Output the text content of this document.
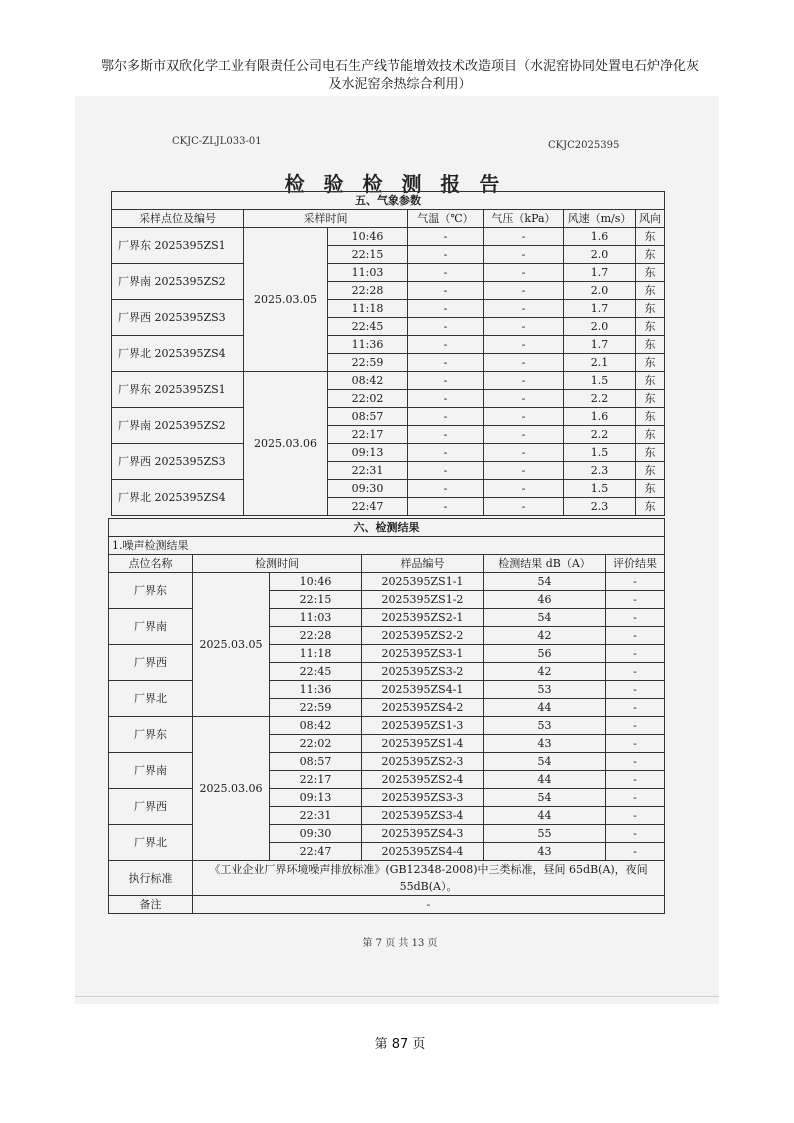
鄂尔多斯市双欣化学工业有限责任公司电石生产线节能增效技术改造项目（水泥窑协同处置电石炉净化灰
及水泥窑余热综合利用）
CKJC-ZLJL033-01	CKJC2025395
检 验 检 测 报 告
五、气象参数						
采样点位及编号	采样时间		气温（℃）	气压（kPa）	风速（m/s）	风向
厂界东 2025395ZS1	2025.03.05	10:46	-	-	1.6	东
		22:15	-	-	2.0	东
厂界南 2025395ZS2		11:03	-	-	1.7	东
		22:28	-	-	2.0	东
厂界西 2025395ZS3		11:18	-	-	1.7	东
		22:45	-	-	2.0	东
厂界北 2025395ZS4		11:36	-	-	1.7	东
		22:59	-	-	2.1	东
厂界东 2025395ZS1	2025.03.06	08:42	-	-	1.5	东
		22:02	-	-	2.2	东
厂界南 2025395ZS2		08:57	-	-	1.6	东
		22:17	-	-	2.2	东
厂界西 2025395ZS3		09:13	-	-	1.5	东
		22:31	-	-	2.3	东
厂界北 2025395ZS4		09:30	-	-	1.5	东
		22:47	-	-	2.3	东
六、检测结果					
1.噪声检测结果					
点位名称	检测时间		样品编号	检测结果 dB（A）	评价结果
厂界东	2025.03.05	10:46	2025395ZS1-1	54	-
		22:15	2025395ZS1-2	46	-
厂界南		11:03	2025395ZS2-1	54	-
		22:28	2025395ZS2-2	42	-
厂界西		11:18	2025395ZS3-1	56	-
		22:45	2025395ZS3-2	42	-
厂界北		11:36	2025395ZS4-1	53	-
		22:59	2025395ZS4-2	44	-
厂界东	2025.03.06	08:42	2025395ZS1-3	53	-
		22:02	2025395ZS1-4	43	-
厂界南		08:57	2025395ZS2-3	54	-
		22:17	2025395ZS2-4	44	-
厂界西		09:13	2025395ZS3-3	54	-
		22:31	2025395ZS3-4	44	-
厂界北		09:30	2025395ZS4-3	55	-
		22:47	2025395ZS4-4	43	-
执行标准	《工业企业厂界环境噪声排放标准》(GB12348-2008)中三类标准，昼间 65dB(A)，夜间 55dB(A）。				
备注	-				
第 7 页 共 13 页
第 87 页
